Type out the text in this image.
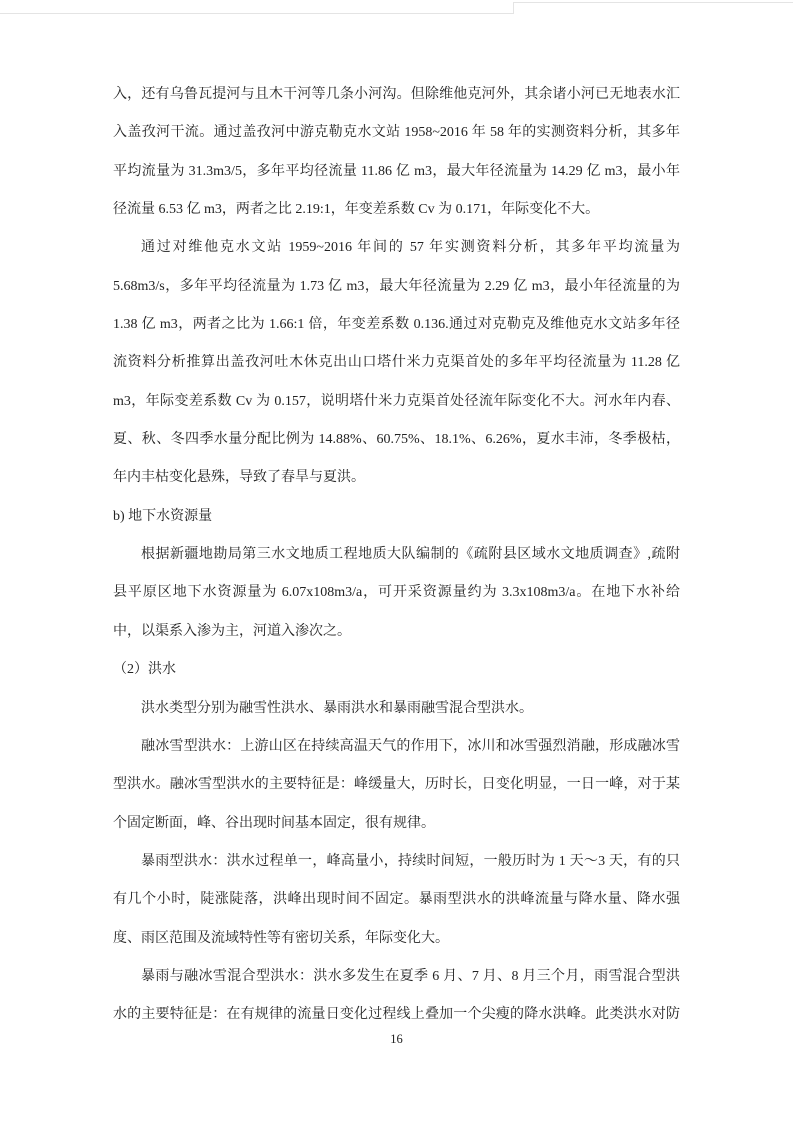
入，还有乌鲁瓦提河与且木干河等几条小河沟。但除维他克河外，其余诸小河已无地表水汇
入盖孜河干流。通过盖孜河中游克勒克水文站 1958~2016 年 58 年的实测资料分析，其多年
平均流量为 31.3m3/5，多年平均径流量 11.86 亿 m3，最大年径流量为 14.29 亿 m3，最小年
径流量 6.53 亿 m3，两者之比 2.19:1，年变差系数 Cv 为 0.171，年际变化不大。
通过对维他克水文站 1959~2016 年间的 57 年实测资料分析，其多年平均流量为
5.68m3/s，多年平均径流量为 1.73 亿 m3，最大年径流量为 2.29 亿 m3，最小年径流量的为
1.38 亿 m3，两者之比为 1.66:1 倍，年变差系数 0.136.通过对克勒克及维他克水文站多年径
流资料分析推算出盖孜河吐木休克出山口塔什米力克渠首处的多年平均径流量为 11.28 亿
m3，年际变差系数 Cv 为 0.157，说明塔什米力克渠首处径流年际变化不大。河水年内春、
夏、秋、冬四季水量分配比例为 14.88%、60.75%、18.1%、6.26%，夏水丰沛，冬季极枯，
年内丰枯变化悬殊，导致了春旱与夏洪。
b) 地下水资源量
根据新疆地勘局第三水文地质工程地质大队编制的《疏附县区域水文地质调查》,疏附
县平原区地下水资源量为 6.07x108m3/a，可开采资源量约为 3.3x108m3/a。在地下水补给
中，以渠系入渗为主，河道入渗次之。
（2）洪水
洪水类型分别为融雪性洪水、暴雨洪水和暴雨融雪混合型洪水。
融冰雪型洪水：上游山区在持续高温天气的作用下，冰川和冰雪强烈消融，形成融冰雪
型洪水。融冰雪型洪水的主要特征是：峰缓量大，历时长，日变化明显，一日一峰，对于某
个固定断面，峰、谷出现时间基本固定，很有规律。
暴雨型洪水：洪水过程单一，峰高量小，持续时间短，一般历时为 1 天～3 天，有的只
有几个小时，陡涨陡落，洪峰出现时间不固定。暴雨型洪水的洪峰流量与降水量、降水强
度、雨区范围及流域特性等有密切关系，年际变化大。
暴雨与融冰雪混合型洪水：洪水多发生在夏季 6 月、7 月、8 月三个月，雨雪混合型洪
水的主要特征是：在有规律的流量日变化过程线上叠加一个尖瘦的降水洪峰。此类洪水对防
16
